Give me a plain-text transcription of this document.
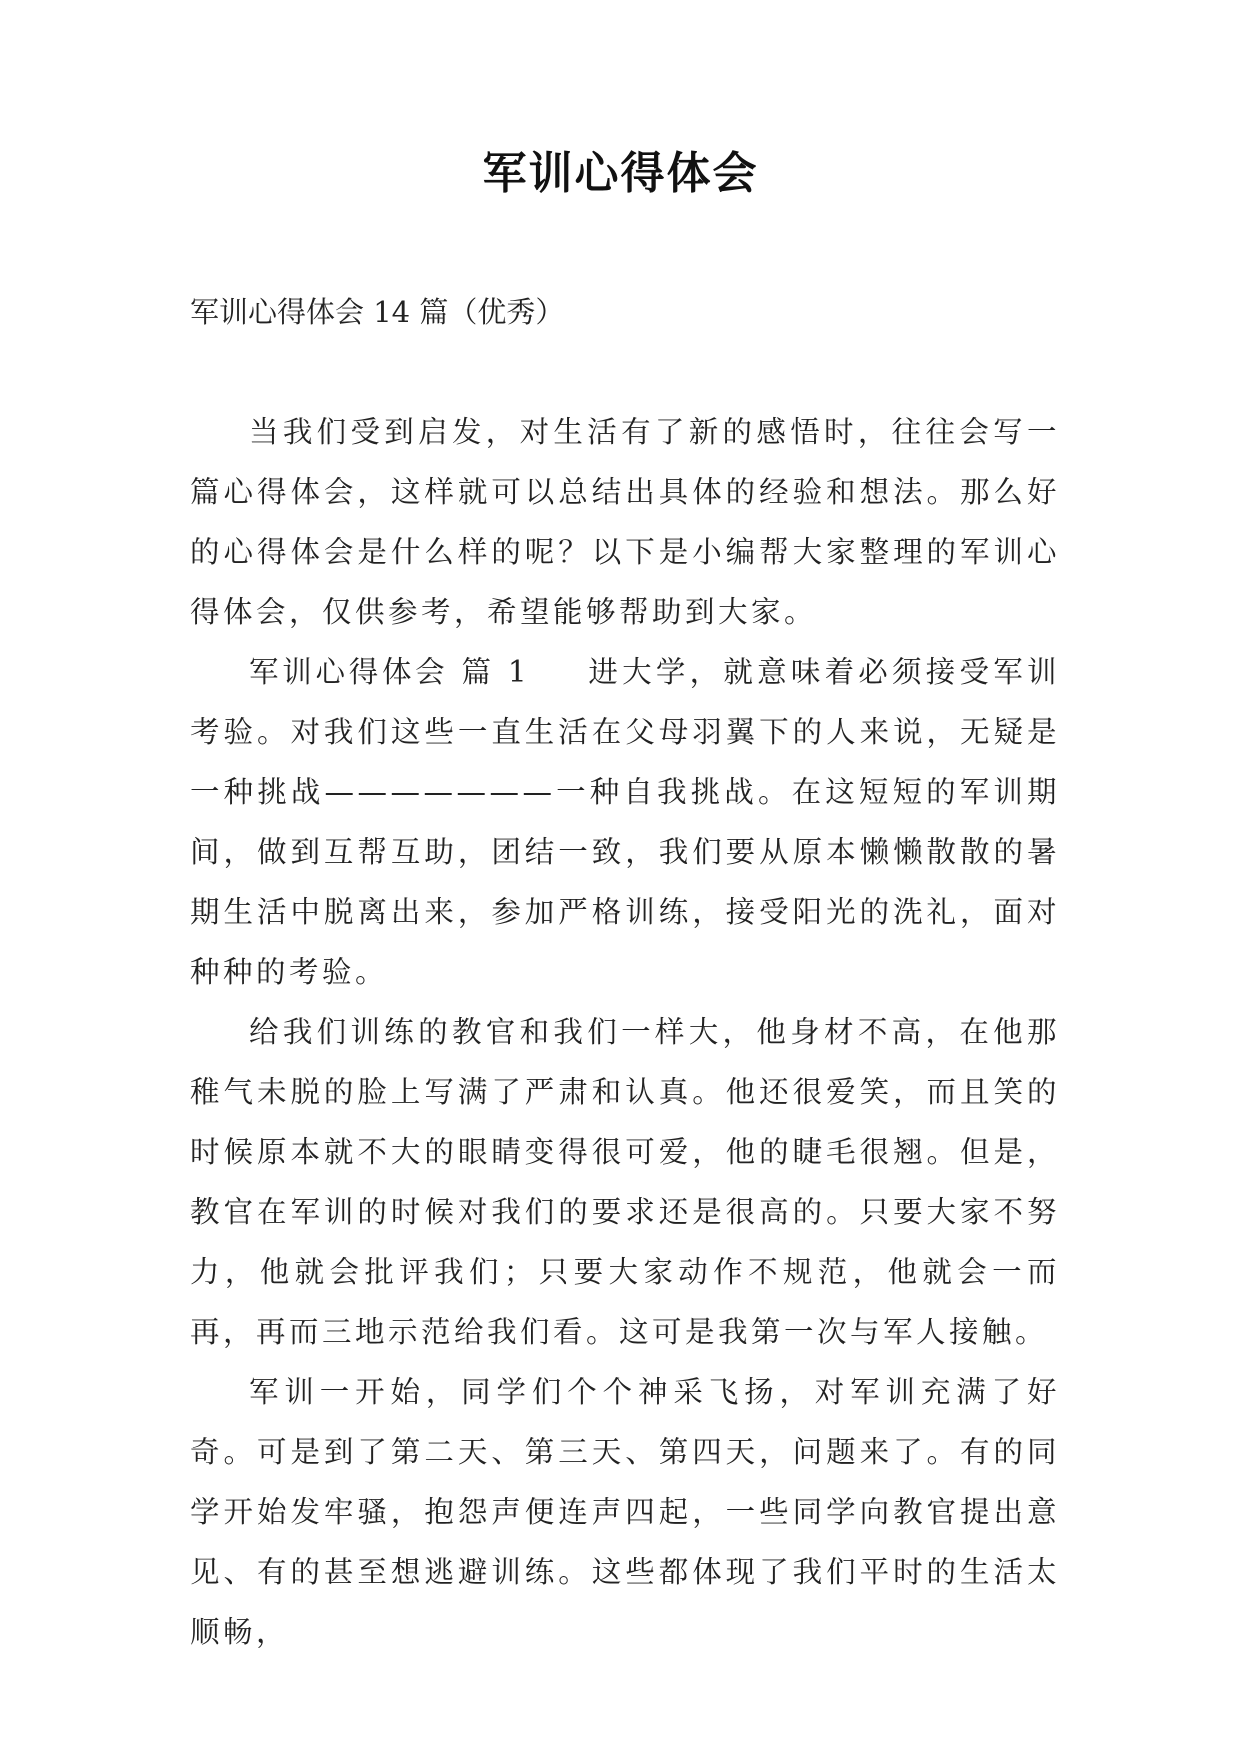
军训心得体会
军训心得体会 14 篇（优秀）

当我们受到启发，对生活有了新的感悟时，往往会写一篇心得体会，这样就可以总结出具体的经验和想法。那么好的心得体会是什么样的呢？以下是小编帮大家整理的军训心得体会，仅供参考，希望能够帮助到大家。

军训心得体会 篇 1 进大学，就意味着必须接受军训考验。对我们这些一直生活在父母羽翼下的人来说，无疑是一种挑战———————一种自我挑战。在这短短的军训期间，做到互帮互助，团结一致，我们要从原本懒懒散散的暑期生活中脱离出来，参加严格训练，接受阳光的洗礼，面对种种的考验。

给我们训练的教官和我们一样大，他身材不高，在他那稚气未脱的脸上写满了严肃和认真。他还很爱笑，而且笑的时候原本就不大的眼睛变得很可爱，他的睫毛很翘。但是，教官在军训的时候对我们的要求还是很高的。只要大家不努力，他就会批评我们；只要大家动作不规范，他就会一而再，再而三地示范给我们看。这可是我第一次与军人接触。

军训一开始，同学们个个神采飞扬，对军训充满了好奇。可是到了第二天、第三天、第四天，问题来了。有的同学开始发牢骚，抱怨声便连声四起，一些同学向教官提出意见、有的甚至想逃避训练。这些都体现了我们平时的生活太顺畅，
